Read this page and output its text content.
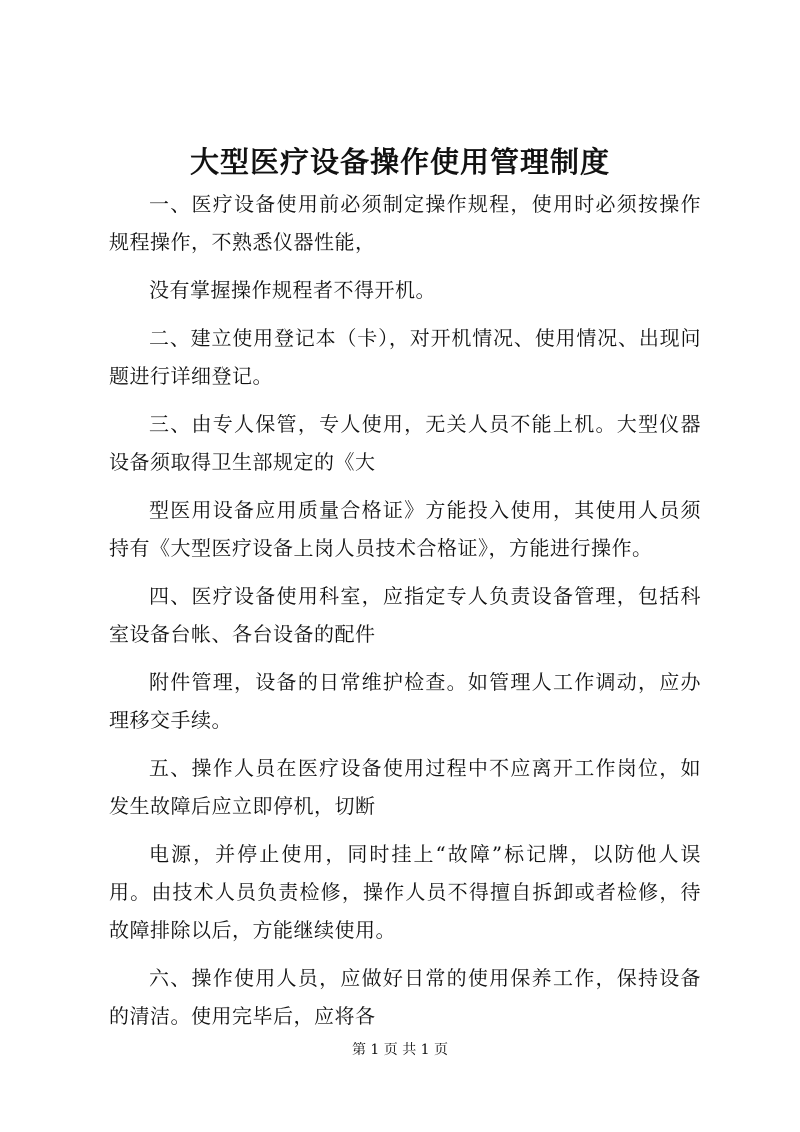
大型医疗设备操作使用管理制度

一、医疗设备使用前必须制定操作规程，使用时必须按操作规程操作，不熟悉仪器性能，

没有掌握操作规程者不得开机。

二、建立使用登记本（卡），对开机情况、使用情况、出现问题进行详细登记。

三、由专人保管，专人使用，无关人员不能上机。大型仪器设备须取得卫生部规定的《大

型医用设备应用质量合格证》方能投入使用，其使用人员须持有《大型医疗设备上岗人员技术合格证》，方能进行操作。

四、医疗设备使用科室，应指定专人负责设备管理，包括科室设备台帐、各台设备的配件

附件管理，设备的日常维护检查。如管理人工作调动，应办理移交手续。

五、操作人员在医疗设备使用过程中不应离开工作岗位，如发生故障后应立即停机，切断

电源，并停止使用，同时挂上“故障”标记牌，以防他人误用。由技术人员负责检修，操作人员不得擅自拆卸或者检修，待故障排除以后，方能继续使用。

六、操作使用人员，应做好日常的使用保养工作，保持设备的清洁。使用完毕后，应将各

第 1 页 共 1 页
